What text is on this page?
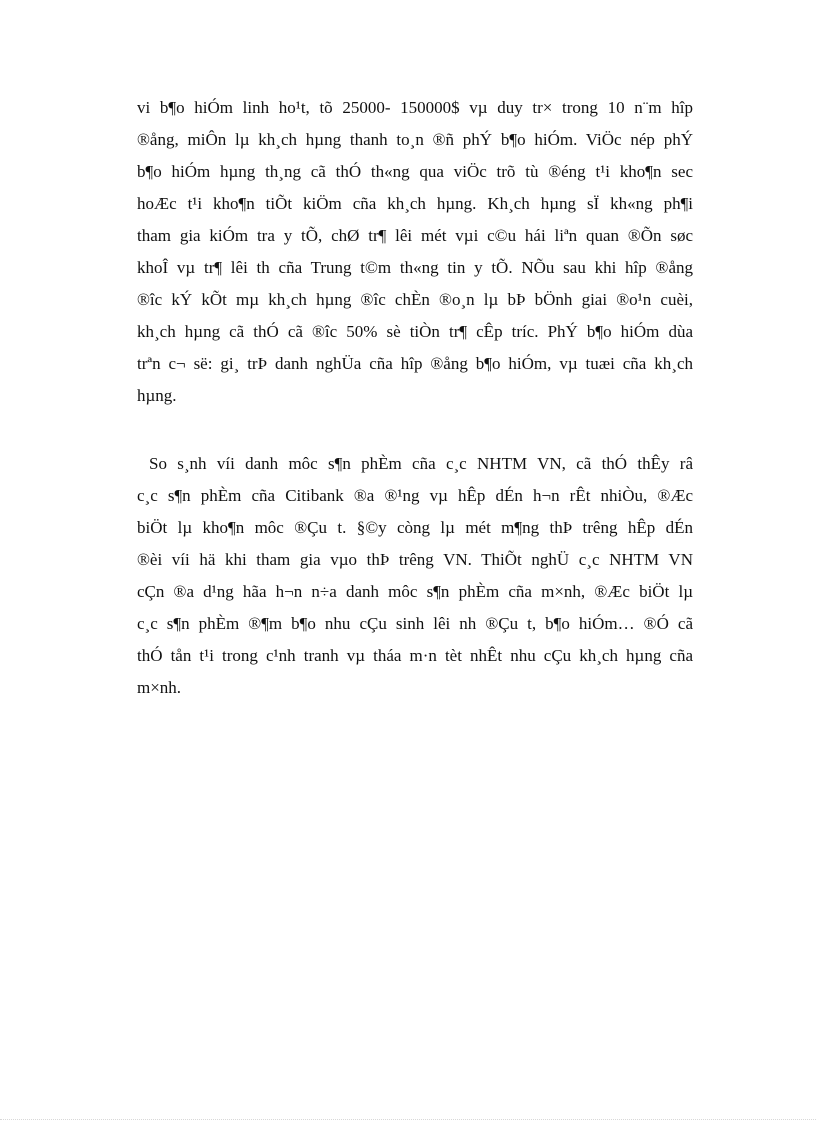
vi b¶o hiÓm linh ho¹t, tõ 25000- 150000$ vµ duy tr× trong 10 n¨m hîp
®ång, miÔn lµ kh¸ch hµng thanh to¸n ®ñ phÝ b¶o hiÓm. ViÖc nép phÝ
b¶o hiÓm hµng th¸ng cã thÓ th«ng qua viÖc trõ tù ®éng t¹i kho¶n sec
hoÆc t¹i kho¶n tiÕt kiÖm cña kh¸ch hµng. Kh¸ch hµng sÏ kh«ng ph¶i
tham gia kiÓm tra y tÕ, chØ tr¶ lêi mét vµi c©u hái liªn quan ®Õn søc
khoÎ vµ tr¶ lêi th cña Trung t©m th«ng tin y tÕ. NÕu sau khi hîp ®ång
®îc kÝ kÕt mµ kh¸ch hµng ®îc chÈn ®o¸n lµ bÞ bÖnh giai ®o¹n cuèi,
kh¸ch hµng cã thÓ cã ®îc 50% sè tiÒn tr¶ cÊp tríc. PhÝ b¶o hiÓm dùa
trªn c¬ së: gi¸ trÞ danh nghÜa cña hîp ®ång b¶o hiÓm, vµ tuæi cña kh¸ch
hµng.
So s¸nh víi danh môc s¶n phÈm cña c¸c NHTM VN, cã thÓ thÊy râ
c¸c s¶n phÈm cña Citibank ®a ®¹ng vµ hÊp dÉn h¬n rÊt nhiÒu, ®Æc
biÖt lµ kho¶n môc ®Çu t. §©y còng lµ mét m¶ng thÞ trêng hÊp dÉn
®èi víi hä khi tham gia vµo thÞ trêng VN. ThiÕt nghÜ c¸c NHTM VN
cÇn ®a d¹ng hãa h¬n n÷a danh môc s¶n phÈm cña m×nh, ®Æc biÖt lµ
c¸c s¶n phÈm ®¶m b¶o nhu cÇu sinh lêi nh ®Çu t, b¶o hiÓm… ®Ó cã
thÓ tån t¹i trong c¹nh tranh vµ tháa m·n tèt nhÊt nhu cÇu kh¸ch hµng cña
m×nh.
